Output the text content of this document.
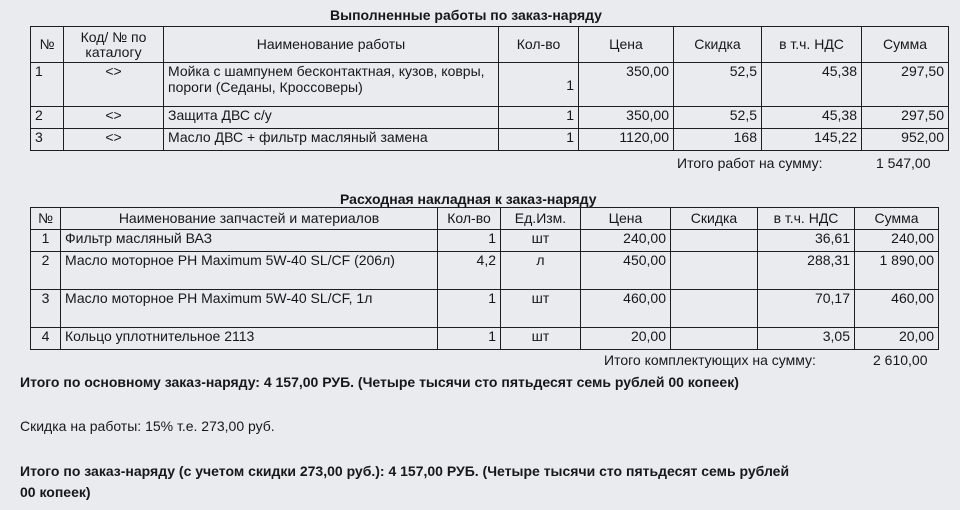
Выполненные работы по заказ-наряду
№	Код/ № по каталогу	Наименование работы	Кол-во	Цена	Скидка	в т.ч. НДС	Сумма
1	<>	Мойка с шампунем бесконтактная, кузов, ковры, пороги (Седаны, Кроссоверы)	1	350,00	52,5	45,38	297,50
2	<>	Защита ДВС с/у	1	350,00	52,5	45,38	297,50
3	<>	Масло ДВС + фильтр масляный замена	1	1120,00	168	145,22	952,00
Итого работ на сумму:	1 547,00
Расходная накладная к заказ-наряду
№	Наименование запчастей и материалов	Кол-во	Ед.Изм.	Цена	Скидка	в т.ч. НДС	Сумма
1	Фильтр масляный ВАЗ	1	шт	240,00		36,61	240,00
2	Масло моторное PH Maximum 5W-40 SL/CF (206л)	4,2	л	450,00		288,31	1 890,00
3	Масло моторное PH Maximum 5W-40 SL/CF, 1л	1	шт	460,00		70,17	460,00
4	Кольцо уплотнительное 2113	1	шт	20,00		3,05	20,00
Итого комплектующих на сумму:	2 610,00
Итого по основному заказ-наряду: 4 157,00 РУБ. (Четыре тысячи сто пятьдесят семь рублей 00 копеек)
Скидка на работы: 15% т.е. 273,00 руб.
Итого по заказ-наряду (с учетом скидки 273,00 руб.): 4 157,00 РУБ. (Четыре тысячи сто пятьдесят семь рублей
00 копеек)
